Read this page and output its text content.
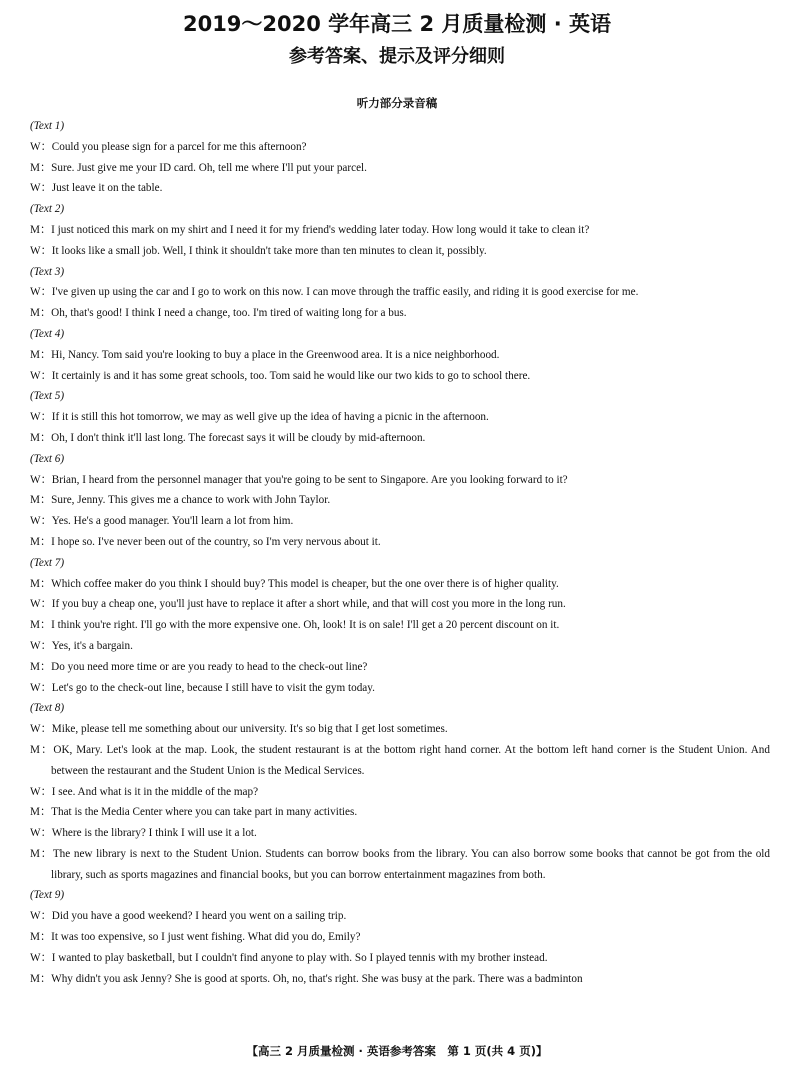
2019～2020 学年高三 2 月质量检测 · 英语
参考答案、提示及评分细则
听力部分录音稿
(Text 1)
W：Could you please sign for a parcel for me this afternoon?
M：Sure. Just give me your ID card. Oh, tell me where I'll put your parcel.
W：Just leave it on the table.
(Text 2)
M：I just noticed this mark on my shirt and I need it for my friend's wedding later today. How long would it take to clean it?
W：It looks like a small job. Well, I think it shouldn't take more than ten minutes to clean it, possibly.
(Text 3)
W：I've given up using the car and I go to work on this now. I can move through the traffic easily, and riding it is good exercise for me.
M：Oh, that's good! I think I need a change, too. I'm tired of waiting long for a bus.
(Text 4)
M：Hi, Nancy. Tom said you're looking to buy a place in the Greenwood area. It is a nice neighborhood.
W：It certainly is and it has some great schools, too. Tom said he would like our two kids to go to school there.
(Text 5)
W：If it is still this hot tomorrow, we may as well give up the idea of having a picnic in the afternoon.
M：Oh, I don't think it'll last long. The forecast says it will be cloudy by mid-afternoon.
(Text 6)
W：Brian, I heard from the personnel manager that you're going to be sent to Singapore. Are you looking forward to it?
M：Sure, Jenny. This gives me a chance to work with John Taylor.
W：Yes. He's a good manager. You'll learn a lot from him.
M：I hope so. I've never been out of the country, so I'm very nervous about it.
(Text 7)
M：Which coffee maker do you think I should buy? This model is cheaper, but the one over there is of higher quality.
W：If you buy a cheap one, you'll just have to replace it after a short while, and that will cost you more in the long run.
M：I think you're right. I'll go with the more expensive one. Oh, look! It is on sale! I'll get a 20 percent discount on it.
W：Yes, it's a bargain.
M：Do you need more time or are you ready to head to the check-out line?
W：Let's go to the check-out line, because I still have to visit the gym today.
(Text 8)
W：Mike, please tell me something about our university. It's so big that I get lost sometimes.
M：OK, Mary. Let's look at the map. Look, the student restaurant is at the bottom right hand corner. At the bottom left hand corner is the Student Union. And between the restaurant and the Student Union is the Medical Services.
W：I see. And what is it in the middle of the map?
M：That is the Media Center where you can take part in many activities.
W：Where is the library? I think I will use it a lot.
M：The new library is next to the Student Union. Students can borrow books from the library. You can also borrow some books that cannot be got from the old library, such as sports magazines and financial books, but you can borrow entertainment magazines from both.
(Text 9)
W：Did you have a good weekend? I heard you went on a sailing trip.
M：It was too expensive, so I just went fishing. What did you do, Emily?
W：I wanted to play basketball, but I couldn't find anyone to play with. So I played tennis with my brother instead.
M：Why didn't you ask Jenny? She is good at sports. Oh, no, that's right. She was busy at the park. There was a badminton
【高三 2 月质量检测 · 英语参考答案　第 1 页(共 4 页)】
